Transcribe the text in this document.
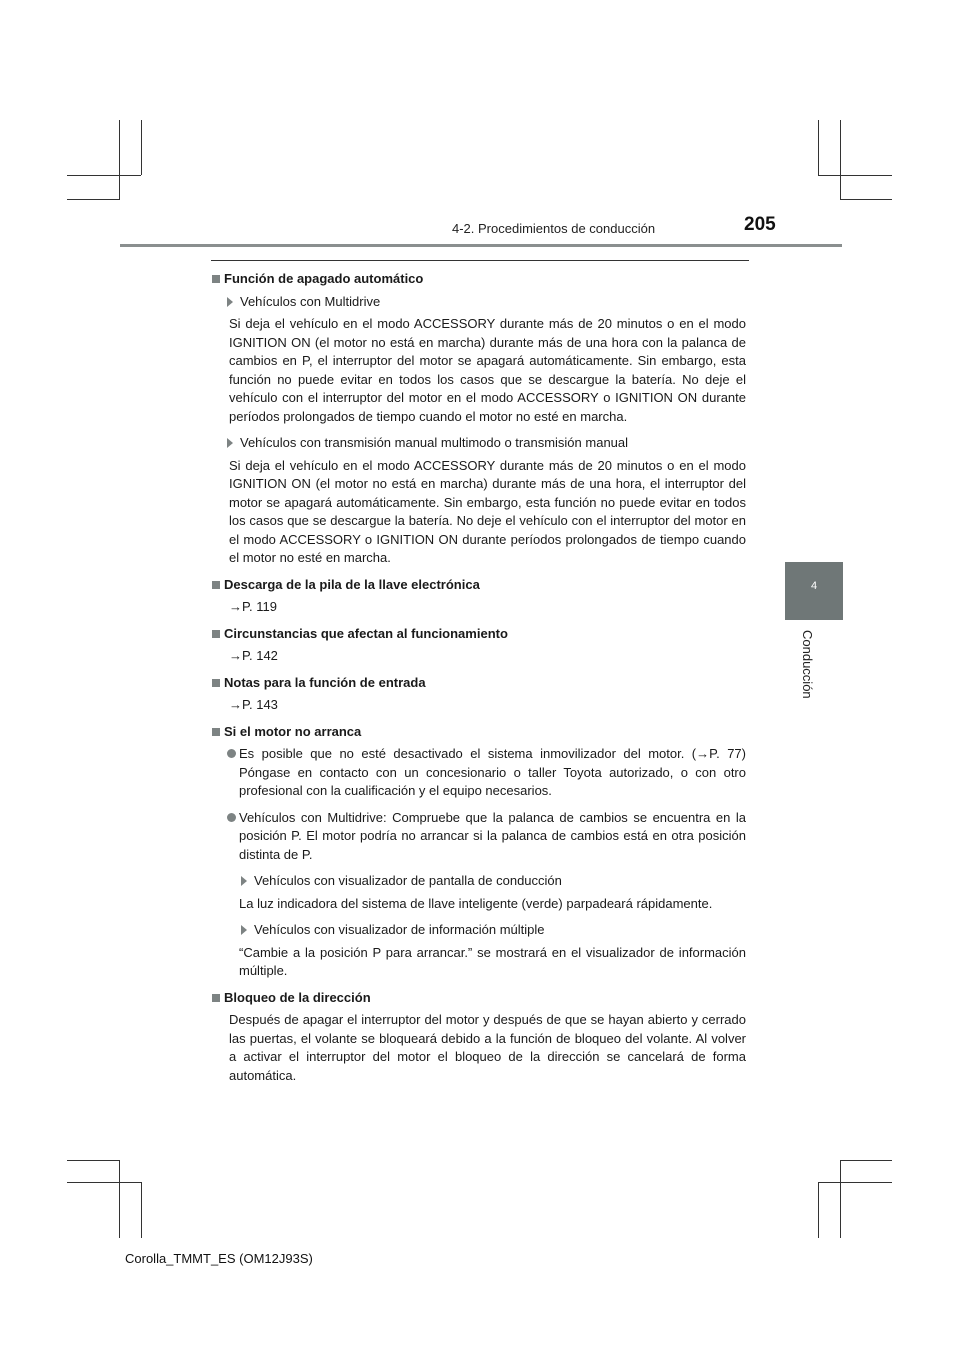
4-2. Procedimientos de conducción	205
4
Conducción
Función de apagado automático
Vehículos con Multidrive
Si deja el vehículo en el modo ACCESSORY durante más de 20 minutos o en el modo IGNITION ON (el motor no está en marcha) durante más de una hora con la palanca de cambios en P, el interruptor del motor se apagará automáticamente. Sin embargo, esta función no puede evitar en todos los casos que se descargue la batería. No deje el vehículo con el interruptor del motor en el modo ACCESSORY o IGNITION ON durante períodos prolongados de tiempo cuando el motor no esté en marcha.
Vehículos con transmisión manual multimodo o transmisión manual
Si deja el vehículo en el modo ACCESSORY durante más de 20 minutos o en el modo IGNITION ON (el motor no está en marcha) durante más de una hora, el interruptor del motor se apagará automáticamente. Sin embargo, esta función no puede evitar en todos los casos que se descargue la batería. No deje el vehículo con el interruptor del motor en el modo ACCESSORY o IGNITION ON durante períodos prolongados de tiempo cuando el motor no esté en marcha.
Descarga de la pila de la llave electrónica
→P. 119
Circunstancias que afectan al funcionamiento
→P. 142
Notas para la función de entrada
→P. 143
Si el motor no arranca
Es posible que no esté desactivado el sistema inmovilizador del motor. (→P. 77) Póngase en contacto con un concesionario o taller Toyota autorizado, o con otro profesional con la cualificación y el equipo necesarios.
Vehículos con Multidrive: Compruebe que la palanca de cambios se encuentra en la posición P. El motor podría no arrancar si la palanca de cambios está en otra posición distinta de P.
Vehículos con visualizador de pantalla de conducción
La luz indicadora del sistema de llave inteligente (verde) parpadeará rápidamente.
Vehículos con visualizador de información múltiple
“Cambie a la posición P para arrancar.” se mostrará en el visualizador de información múltiple.
Bloqueo de la dirección
Después de apagar el interruptor del motor y después de que se hayan abierto y cerrado las puertas, el volante se bloqueará debido a la función de bloqueo del volante. Al volver a activar el interruptor del motor el bloqueo de la dirección se cancelará de forma automática.
Corolla_TMMT_ES (OM12J93S)
